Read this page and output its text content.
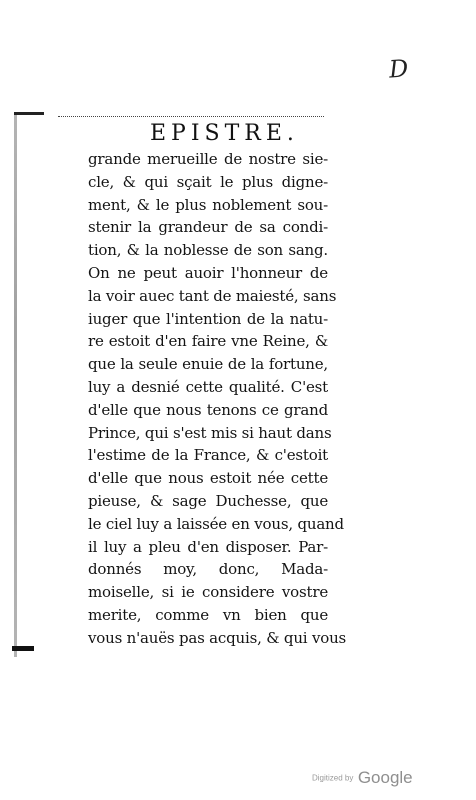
D
EPISTRE.
grande merueille de nostre sie-
cle, & qui sçait le plus digne-
ment, & le plus noblement sou-
stenir la grandeur de sa condi-
tion, & la noblesse de son sang.
On ne peut auoir l'honneur de
la voir auec tant de maiesté, sans
iuger que l'intention de la natu-
re estoit d'en faire vne Reine, &
que la seule enuie de la fortune,
luy a desnié cette qualité. C'est
d'elle que nous tenons ce grand
Prince, qui s'est mis si haut dans
l'estime de la France, & c'estoit
d'elle que nous estoit née cette
pieuse, & sage Duchesse, que
le ciel luy a laissée en vous, quand
il luy a pleu d'en disposer. Par-
donnés moy, donc, Mada-
moiselle, si ie considere vostre
merite, comme vn bien que
vous n'auës pas acquis, & qui vous
Digitized by Google
